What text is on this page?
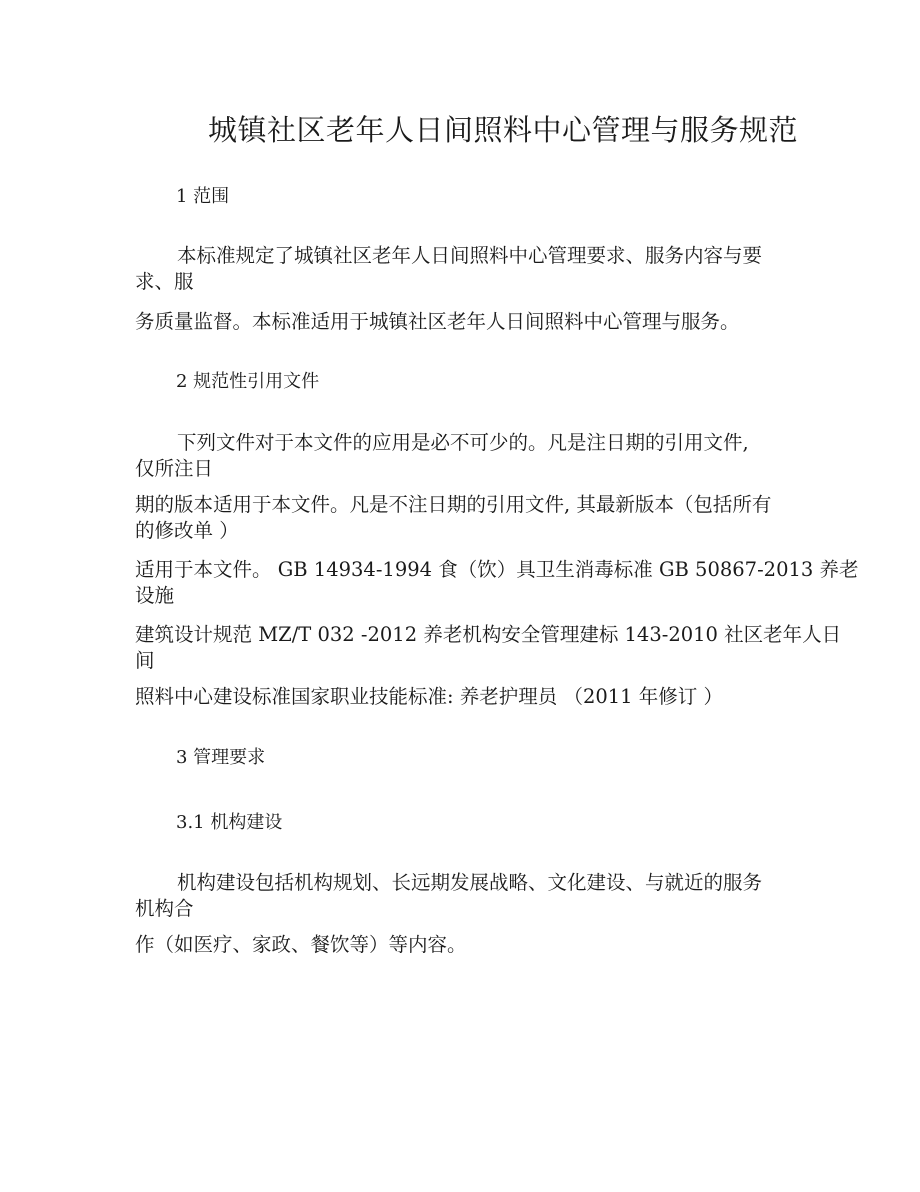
城镇社区老年人日间照料中心管理与服务规范
1 范围
本标准规定了城镇社区老年人日间照料中心管理要求、服务内容与要
求、服
务质量监督。本标准适用于城镇社区老年人日间照料中心管理与服务。
2 规范性引用文件
下列文件对于本文件的应用是必不可少的。凡是注日期的引用文件,
仅所注日
期的版本适用于本文件。凡是不注日期的引用文件, 其最新版本（包括所有
的修改单 ）
适用于本文件。 GB 14934-1994 食（饮）具卫生消毒标准 GB 50867-2013 养老
设施
建筑设计规范 MZ/T 032 -2012 养老机构安全管理建标 143-2010 社区老年人日
间
照料中心建设标准国家职业技能标准: 养老护理员 （2011 年修订 ）
3 管理要求
3.1 机构建设
机构建设包括机构规划、长远期发展战略、文化建设、与就近的服务
机构合
作（如医疗、家政、餐饮等）等内容。
